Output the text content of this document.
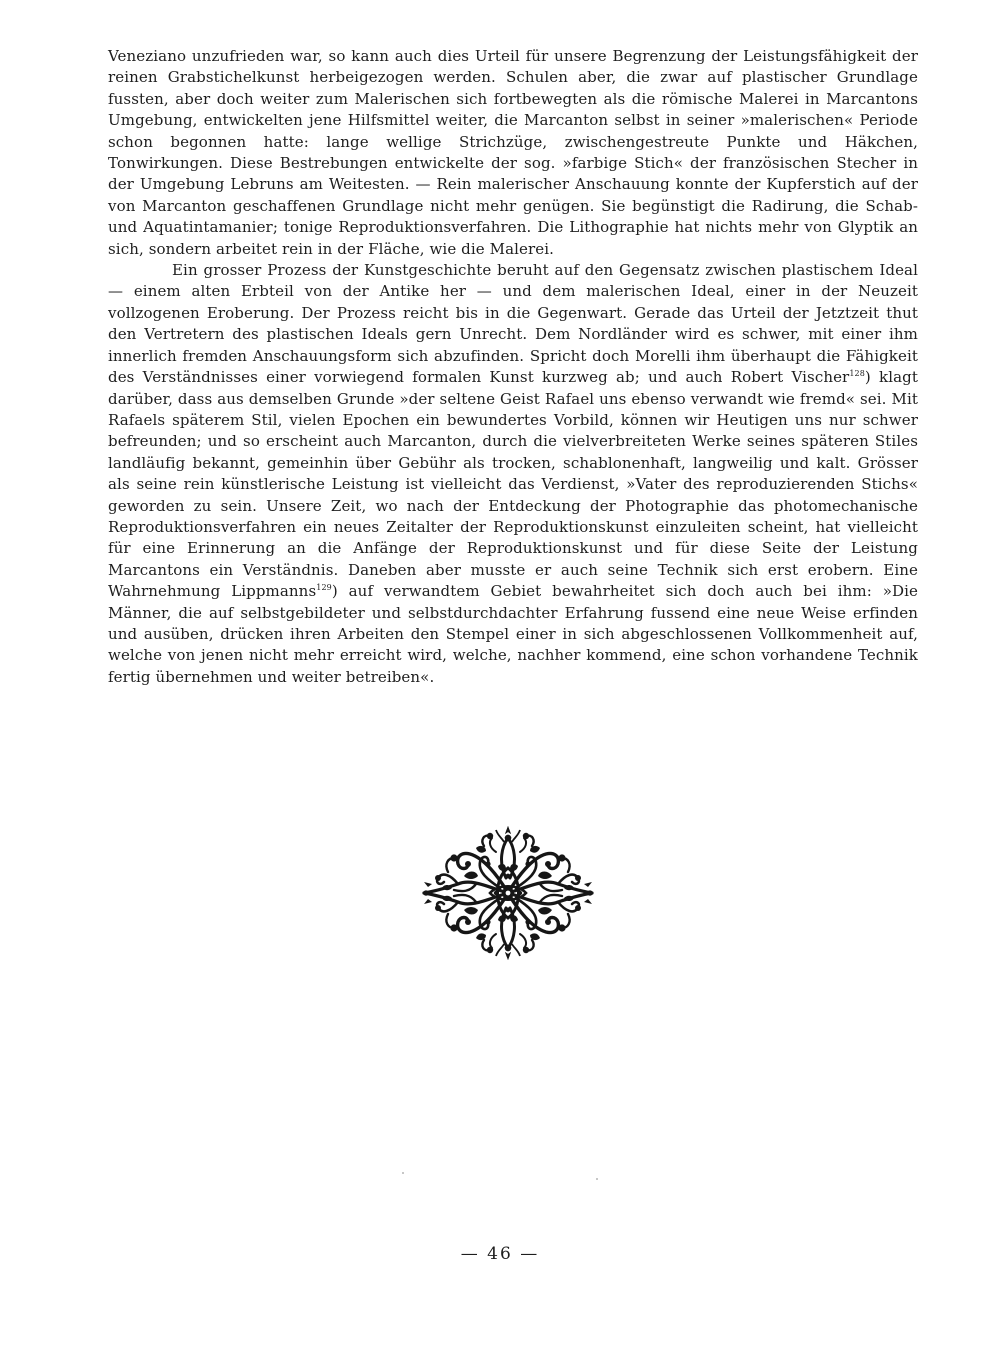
Veneziano unzufrieden war, so kann auch dies Urteil für unsere Begrenzung der Leistungsfähigkeit der reinen Grabstichelkunst herbeigezogen werden. Schulen aber, die zwar auf plastischer Grundlage fussten, aber doch weiter zum Malerischen sich fortbewegten als die römische Malerei in Marcantons Umgebung, entwickelten jene Hilfsmittel weiter, die Marcanton selbst in seiner »malerischen« Periode schon begonnen hatte: lange wellige Strichzüge, zwischengestreute Punkte und Häkchen, Tonwirkungen. Diese Bestrebungen entwickelte der sog. »farbige Stich« der französischen Stecher in der Umgebung Lebruns am Weitesten. — Rein malerischer Anschauung konnte der Kupferstich auf der von Marcanton geschaffenen Grundlage nicht mehr genügen. Sie begünstigt die Radirung, die Schab- und Aquatintamanier; tonige Reproduktionsverfahren. Die Lithographie hat nichts mehr von Glyptik an sich, sondern arbeitet rein in der Fläche, wie die Malerei.

Ein grosser Prozess der Kunstgeschichte beruht auf den Gegensatz zwischen plastischem Ideal — einem alten Erbteil von der Antike her — und dem malerischen Ideal, einer in der Neuzeit vollzogenen Eroberung. Der Prozess reicht bis in die Gegenwart. Gerade das Urteil der Jetztzeit thut den Vertretern des plastischen Ideals gern Unrecht. Dem Nordländer wird es schwer, mit einer ihm innerlich fremden Anschauungsform sich abzufinden. Spricht doch Morelli ihm überhaupt die Fähigkeit des Verständnisses einer vorwiegend formalen Kunst kurzweg ab; und auch Robert Vischer$^{128}$) klagt darüber, dass aus demselben Grunde »der seltene Geist Rafael uns ebenso verwandt wie fremd« sei. Mit Rafaels späterem Stil, vielen Epochen ein bewundertes Vorbild, können wir Heutigen uns nur schwer befreunden; und so erscheint auch Marcanton, durch die vielverbreiteten Werke seines späteren Stiles landläufig bekannt, gemeinhin über Gebühr als trocken, schablonenhaft, langweilig und kalt. Grösser als seine rein künstlerische Leistung ist vielleicht das Verdienst, »Vater des reproduzierenden Stichs« geworden zu sein. Unsere Zeit, wo nach der Entdeckung der Photographie das photomechanische Reproduktionsverfahren ein neues Zeitalter der Reproduktionskunst einzuleiten scheint, hat vielleicht für eine Erinnerung an die Anfänge der Reproduktionskunst und für diese Seite der Leistung Marcantons ein Verständnis. Daneben aber musste er auch seine Technik sich erst erobern. Eine Wahrnehmung Lippmanns$^{129}$) auf verwandtem Gebiet bewahrheitet sich doch auch bei ihm: »Die Männer, die auf selbstgebildeter und selbstdurchdachter Erfahrung fussend eine neue Weise erfinden und ausüben, drücken ihren Arbeiten den Stempel einer in sich abgeschlossenen Vollkommenheit auf, welche von jenen nicht mehr erreicht wird, welche, nachher kommend, eine schon vorhandene Technik fertig übernehmen und weiter betreiben«.

— 46 —
